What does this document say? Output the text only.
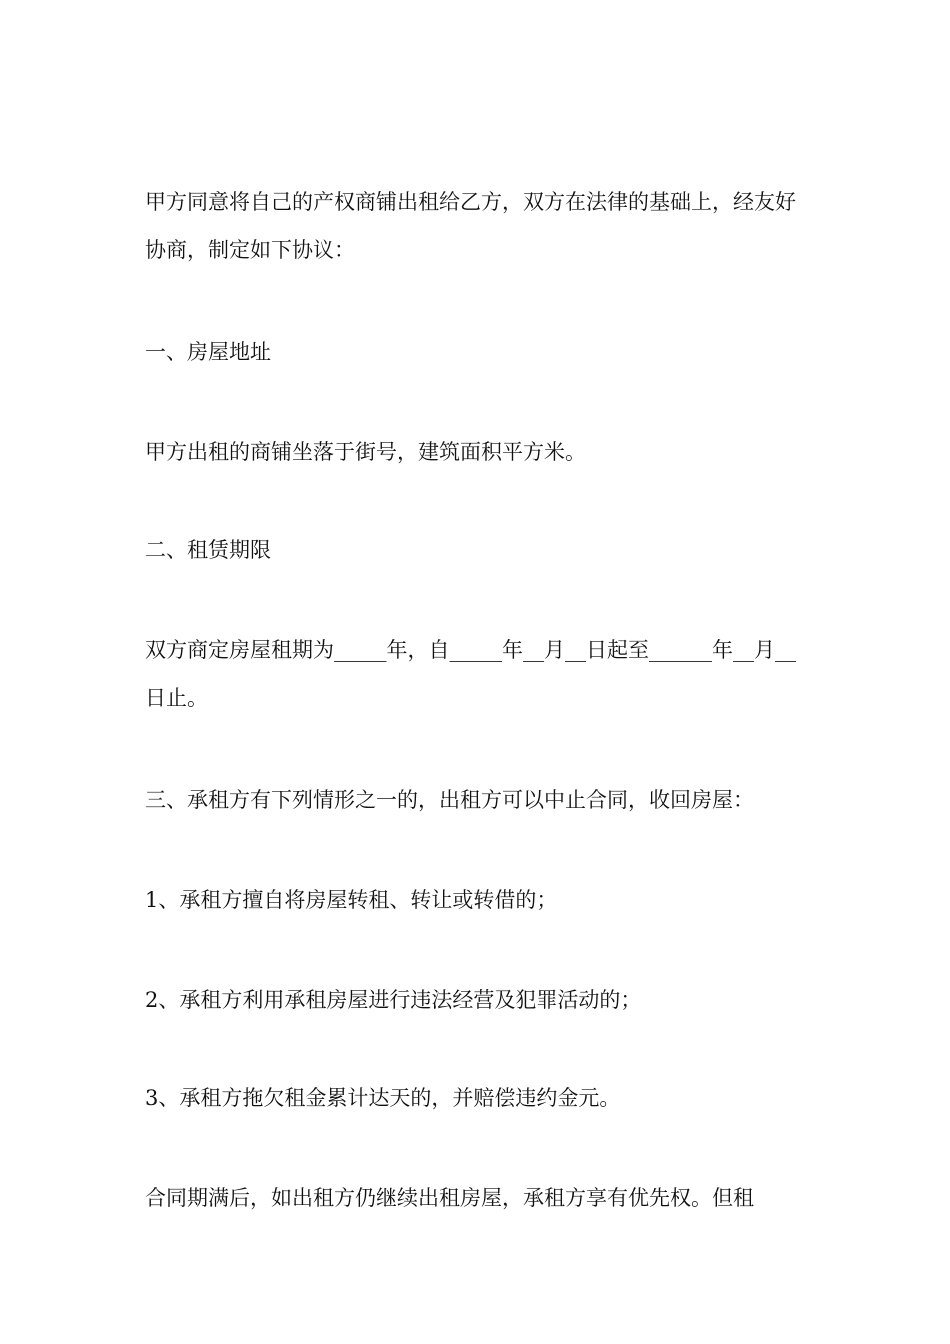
甲方同意将自己的产权商铺出租给乙方，双方在法律的基础上，经友好协商，制定如下协议：

一、房屋地址

甲方出租的商铺坐落于街号，建筑面积平方米。

二、租赁期限

双方商定房屋租期为_____年，自_____年__月__日起至______年__月__日止。

三、承租方有下列情形之一的，出租方可以中止合同，收回房屋：

1、承租方擅自将房屋转租、转让或转借的；

2、承租方利用承租房屋进行违法经营及犯罪活动的；

3、承租方拖欠租金累计达天的，并赔偿违约金元。

合同期满后，如出租方仍继续出租房屋，承租方享有优先权。但租
